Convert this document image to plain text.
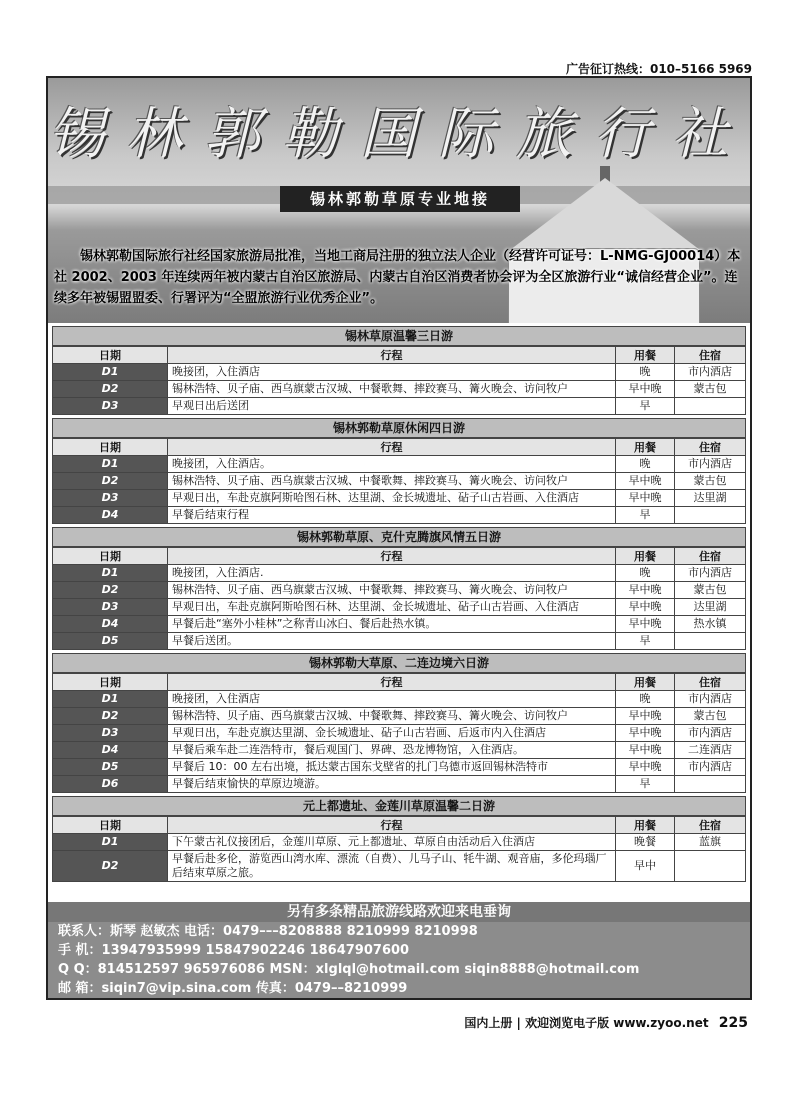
广告征订热线：010–5166 5969
锡林郭勒国际旅行社
锡林郭勒草原专业地接
锡林郭勒国际旅行社经国家旅游局批准，当地工商局注册的独立法人企业（经营许可证号：L-NMG-GJ00014）本社 2002、2003 年连续两年被内蒙古自治区旅游局、内蒙古自治区消费者协会评为全区旅游行业“诚信经营企业”。连续多年被锡盟盟委、行署评为“全盟旅游行业优秀企业”。
锡林草原温馨三日游
日期	行程	用餐	住宿
D1	晚接团，入住酒店	晚	市内酒店
D2	锡林浩特、贝子庙、西乌旗蒙古汉城、中餐歌舞、摔跤赛马、篝火晚会、访问牧户	早中晚	蒙古包
D3	早观日出后送团	早	
锡林郭勒草原休闲四日游
日期	行程	用餐	住宿
D1	晚接团，入住酒店。	晚	市内酒店
D2	锡林浩特、贝子庙、西乌旗蒙古汉城、中餐歌舞、摔跤赛马、篝火晚会、访问牧户	早中晚	蒙古包
D3	早观日出，车赴克旗阿斯哈图石林、达里湖、金长城遗址、砧子山古岩画、入住酒店	早中晚	达里湖
D4	早餐后结束行程	早	
锡林郭勒草原、克什克腾旗风情五日游
日期	行程	用餐	住宿
D1	晚接团，入住酒店.	晚	市内酒店
D2	锡林浩特、贝子庙、西乌旗蒙古汉城、中餐歌舞、摔跤赛马、篝火晚会、访问牧户	早中晚	蒙古包
D3	早观日出，车赴克旗阿斯哈图石林、达里湖、金长城遗址、砧子山古岩画、入住酒店	早中晚	达里湖
D4	早餐后赴“塞外小桂林”之称青山冰臼、餐后赴热水镇。	早中晚	热水镇
D5	早餐后送团。	早	
锡林郭勒大草原、二连边境六日游
日期	行程	用餐	住宿
D1	晚接团，入住酒店	晚	市内酒店
D2	锡林浩特、贝子庙、西乌旗蒙古汉城、中餐歌舞、摔跤赛马、篝火晚会、访问牧户	早中晚	蒙古包
D3	早观日出，车赴克旗达里湖、金长城遗址、砧子山古岩画、后返市内入住酒店	早中晚	市内酒店
D4	早餐后乘车赴二连浩特市，餐后观国门、界碑、恐龙博物馆，入住酒店。	早中晚	二连酒店
D5	早餐后 10：00 左右出境，抵达蒙古国东戈壁省的扎门乌德市返回锡林浩特市	早中晚	市内酒店
D6	早餐后结束愉快的草原边境游。	早	
元上都遗址、金莲川草原温馨二日游
日期	行程	用餐	住宿
D1	下午蒙古礼仪接团后，金莲川草原、元上都遗址、草原自由活动后入住酒店	晚餐	蓝旗
D2	早餐后赴多伦，游览西山湾水库、漂流（自费）、儿马子山、牦牛湖、观音庙，多伦玛瑙厂后结束草原之旅。	早中	
另有多条精品旅游线路欢迎来电垂询
联系人：斯琴 赵敏杰 电话：0479–––8208888 8210999 8210998
手 机：13947935999 15847902246 18647907600
Q Q：814512597 965976086 MSN：xlglql@hotmail.com siqin8888@hotmail.com
邮 箱：siqin7@vip.sina.com 传真：0479––8210999
国内上册 | 欢迎浏览电子版 www.zyoo.net 225
